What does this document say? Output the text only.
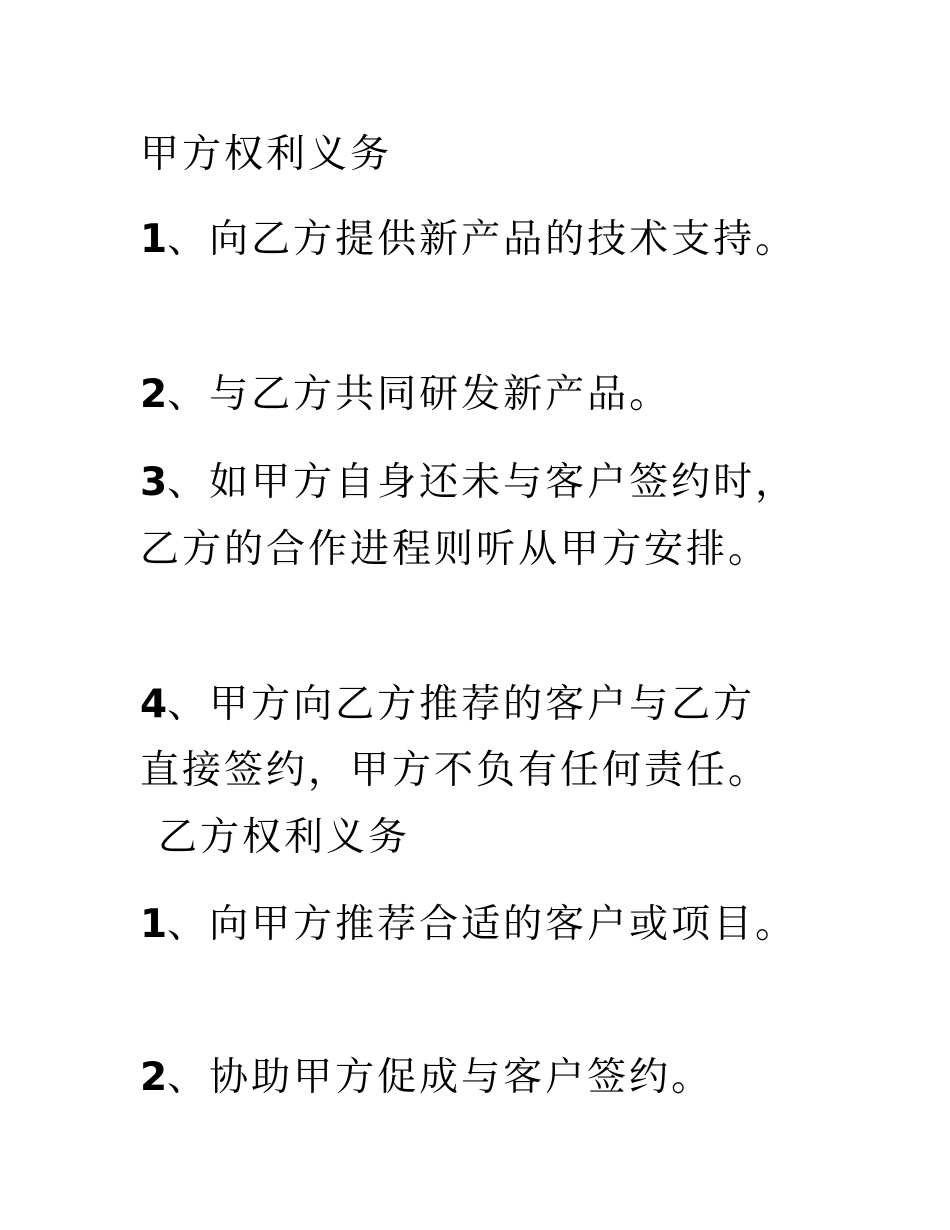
甲方权利义务
1、向乙方提供新产品的技术支持。
2、与乙方共同研发新产品。
3、如甲方自身还未与客户签约时，
乙方的合作进程则听从甲方安排。
4、甲方向乙方推荐的客户与乙方
直接签约，甲方不负有任何责任。
乙方权利义务
1、向甲方推荐合适的客户或项目。
2、协助甲方促成与客户签约。
